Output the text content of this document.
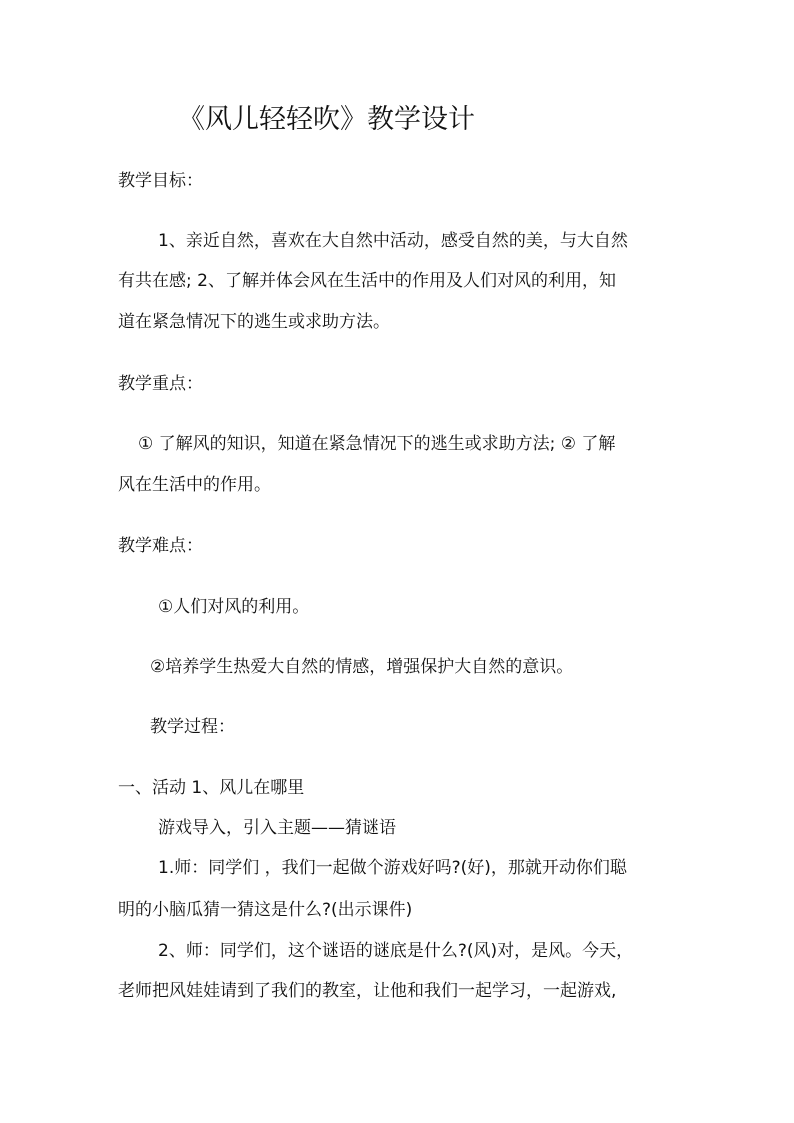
《风儿轻轻吹》教学设计
教学目标：
1、亲近自然，喜欢在大自然中活动，感受自然的美，与大自然
有共在感; 2、了解并体会风在生活中的作用及人们对风的利用，知
道在紧急情况下的逃生或求助方法。
教学重点：
① 了解风的知识，知道在紧急情况下的逃生或求助方法; ② 了解
风在生活中的作用。
教学难点：
①人们对风的利用。
②培养学生热爱大自然的情感，增强保护大自然的意识。
教学过程：
一、活动 1、风儿在哪里
游戏导入，引入主题——猜谜语
1.师：同学们 ，我们一起做个游戏好吗?(好)，那就开动你们聪
明的小脑瓜猜一猜这是什么?(出示课件)
2、师：同学们，这个谜语的谜底是什么?(风)对，是风。今天，
老师把风娃娃请到了我们的教室，让他和我们一起学习，一起游戏,
